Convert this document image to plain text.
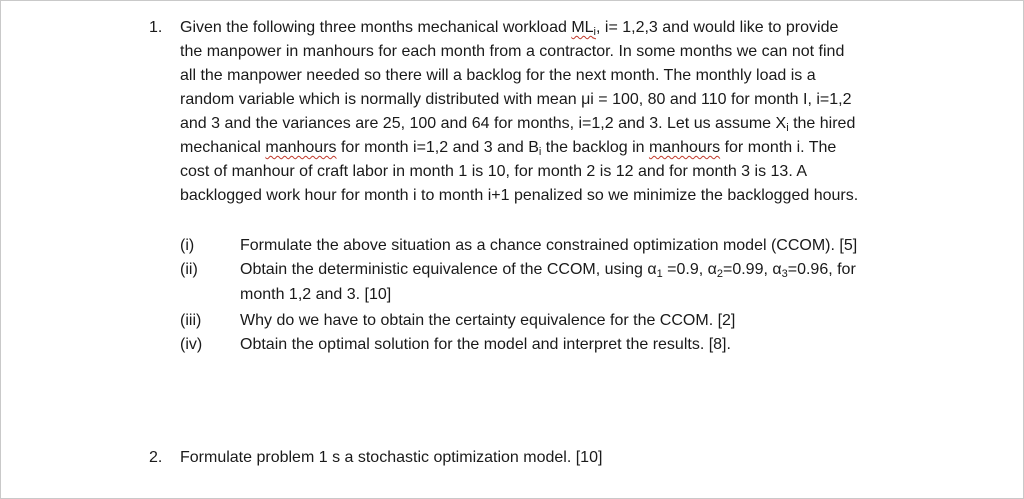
1. Given the following three months mechanical workload $ML_i$, i= 1,2,3 and would like to provide
the manpower in manhours for each month from a contractor. In some months we can not find
all the manpower needed so there will a backlog for the next month. The monthly load is a
random variable which is normally distributed with mean μi = 100, 80 and 110 for month I, i=1,2
and 3 and the variances are 25, 100 and 64 for months, i=1,2 and 3. Let us assume $X_i$ the hired
mechanical manhours for month i=1,2 and 3 and $B_i$ the backlog in manhours for month i. The
cost of manhour of craft labor in month 1 is 10, for month 2 is 12 and for month 3 is 13. A
backlogged work hour for month i to month i+1 penalized so we minimize the backlogged hours.
(i)	Formulate the above situation as a chance constrained optimization model (CCOM). [5]
(ii)	Obtain the deterministic equivalence of the CCOM, using $\alpha_1 =0.9$, $\alpha_2=0.99$, $\alpha_3=0.96$, for
month 1,2 and 3. [10]
(iii) Why do we have to obtain the certainty equivalence for the CCOM. [2]
(iv) Obtain the optimal solution for the model and interpret the results. [8].
2. Formulate problem 1 s a stochastic optimization model. [10]
